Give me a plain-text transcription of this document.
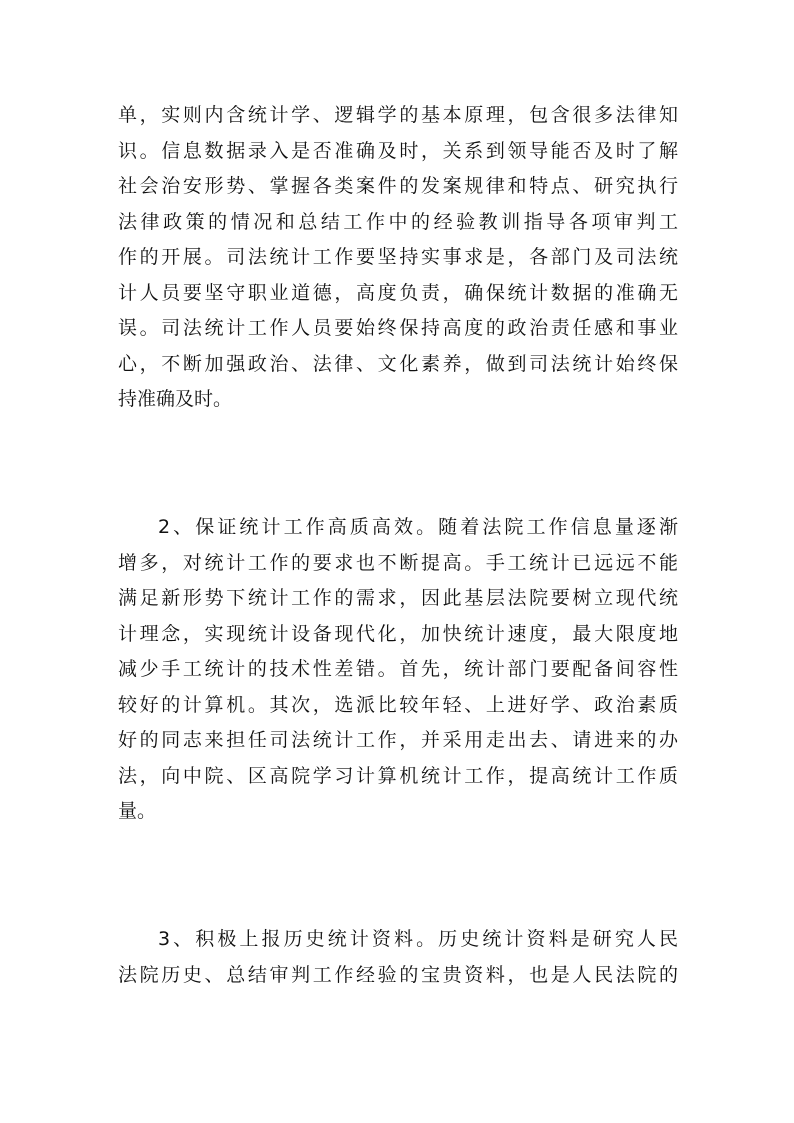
单，实则内含统计学、逻辑学的基本原理，包含很多法律知
识。信息数据录入是否准确及时，关系到领导能否及时了解
社会治安形势、掌握各类案件的发案规律和特点、研究执行
法律政策的情况和总结工作中的经验教训指导各项审判工
作的开展。司法统计工作要坚持实事求是，各部门及司法统
计人员要坚守职业道德，高度负责，确保统计数据的准确无
误。司法统计工作人员要始终保持高度的政治责任感和事业
心，不断加强政治、法律、文化素养，做到司法统计始终保
持准确及时。
2、保证统计工作高质高效。随着法院工作信息量逐渐
增多，对统计工作的要求也不断提高。手工统计已远远不能
满足新形势下统计工作的需求，因此基层法院要树立现代统
计理念，实现统计设备现代化，加快统计速度，最大限度地
减少手工统计的技术性差错。首先，统计部门要配备间容性
较好的计算机。其次，选派比较年轻、上进好学、政治素质
好的同志来担任司法统计工作，并采用走出去、请进来的办
法，向中院、区高院学习计算机统计工作，提高统计工作质
量。
3、积极上报历史统计资料。历史统计资料是研究人民
法院历史、总结审判工作经验的宝贵资料，也是人民法院的
